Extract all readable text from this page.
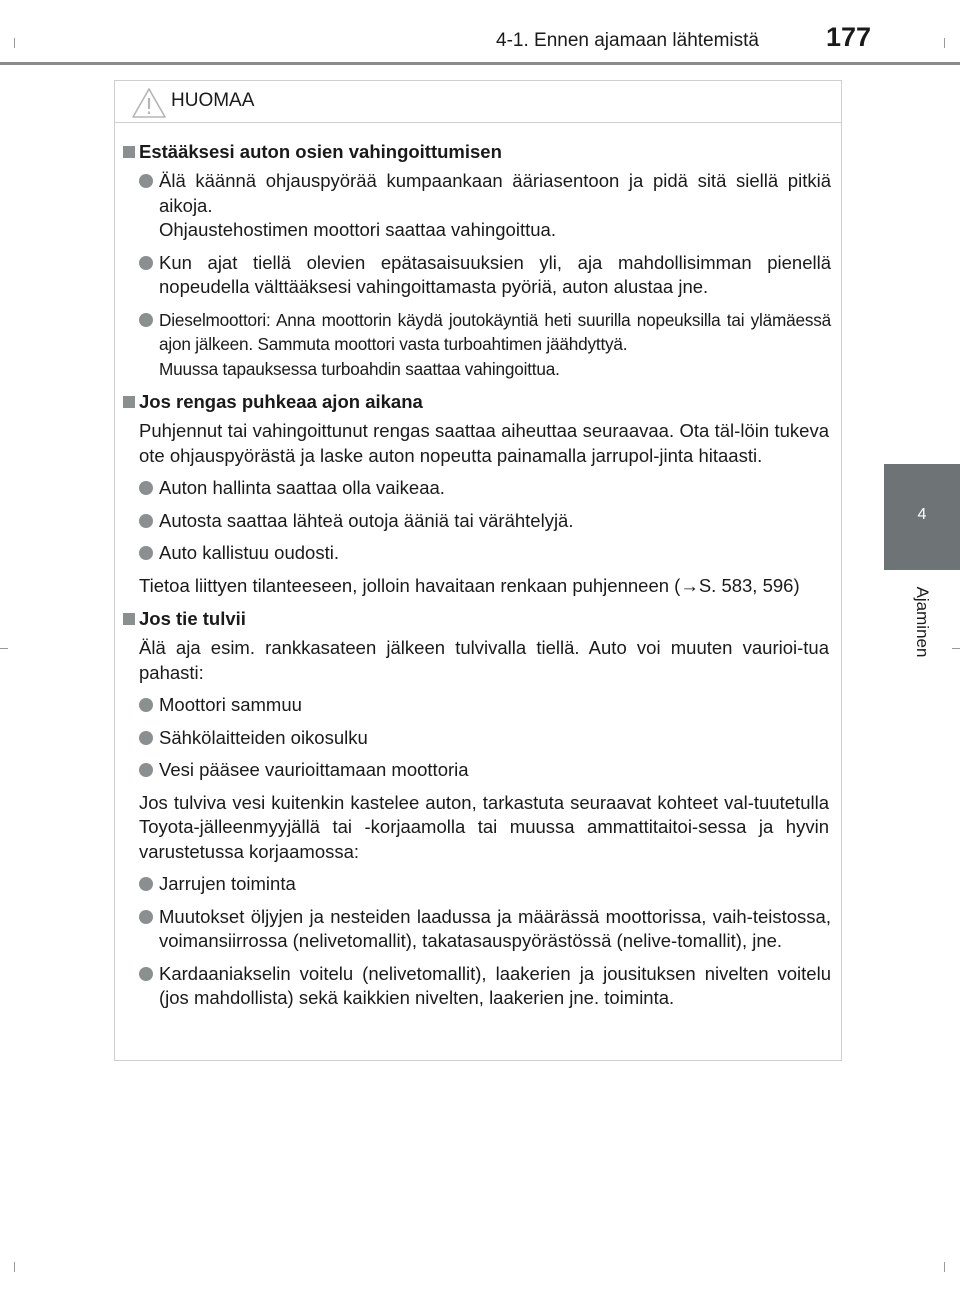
4-1. Ennen ajamaan lähtemistä 177
4
Ajaminen
HUOMAA
Estääksesi auton osien vahingoittumisen
Älä käännä ohjauspyörää kumpaankaan ääriasentoon ja pidä sitä siellä pitkiä aikoja.
Ohjaustehostimen moottori saattaa vahingoittua.
Kun ajat tiellä olevien epätasaisuuksien yli, aja mahdollisimman pienellä nopeudella välttääksesi vahingoittamasta pyöriä, auton alustaa jne.
Dieselmoottori: Anna moottorin käydä joutokäyntiä heti suurilla nopeuksilla tai ylämäessä ajon jälkeen. Sammuta moottori vasta turboahtimen jäähdyttyä.
Muussa tapauksessa turboahdin saattaa vahingoittua.
Jos rengas puhkeaa ajon aikana
Puhjennut tai vahingoittunut rengas saattaa aiheuttaa seuraavaa. Ota täl-löin tukeva ote ohjauspyörästä ja laske auton nopeutta painamalla jarrupol-jinta hitaasti.
Auton hallinta saattaa olla vaikeaa.
Autosta saattaa lähteä outoja ääniä tai värähtelyjä.
Auto kallistuu oudosti.
Tietoa liittyen tilanteeseen, jolloin havaitaan renkaan puhjenneen (→S. 583, 596)
Jos tie tulvii
Älä aja esim. rankkasateen jälkeen tulvivalla tiellä. Auto voi muuten vaurioi-tua pahasti:
Moottori sammuu
Sähkölaitteiden oikosulku
Vesi pääsee vaurioittamaan moottoria
Jos tulviva vesi kuitenkin kastelee auton, tarkastuta seuraavat kohteet val-tuutetulla Toyota-jälleenmyyjällä tai -korjaamolla tai muussa ammattitaitoi-sessa ja hyvin varustetussa korjaamossa:
Jarrujen toiminta
Muutokset öljyjen ja nesteiden laadussa ja määrässä moottorissa, vaih-teistossa, voimansiirrossa (nelivetomallit), takatasauspyörästössä (nelive-tomallit), jne.
Kardaaniakselin voitelu (nelivetomallit), laakerien ja jousituksen nivelten voitelu (jos mahdollista) sekä kaikkien nivelten, laakerien jne. toiminta.
